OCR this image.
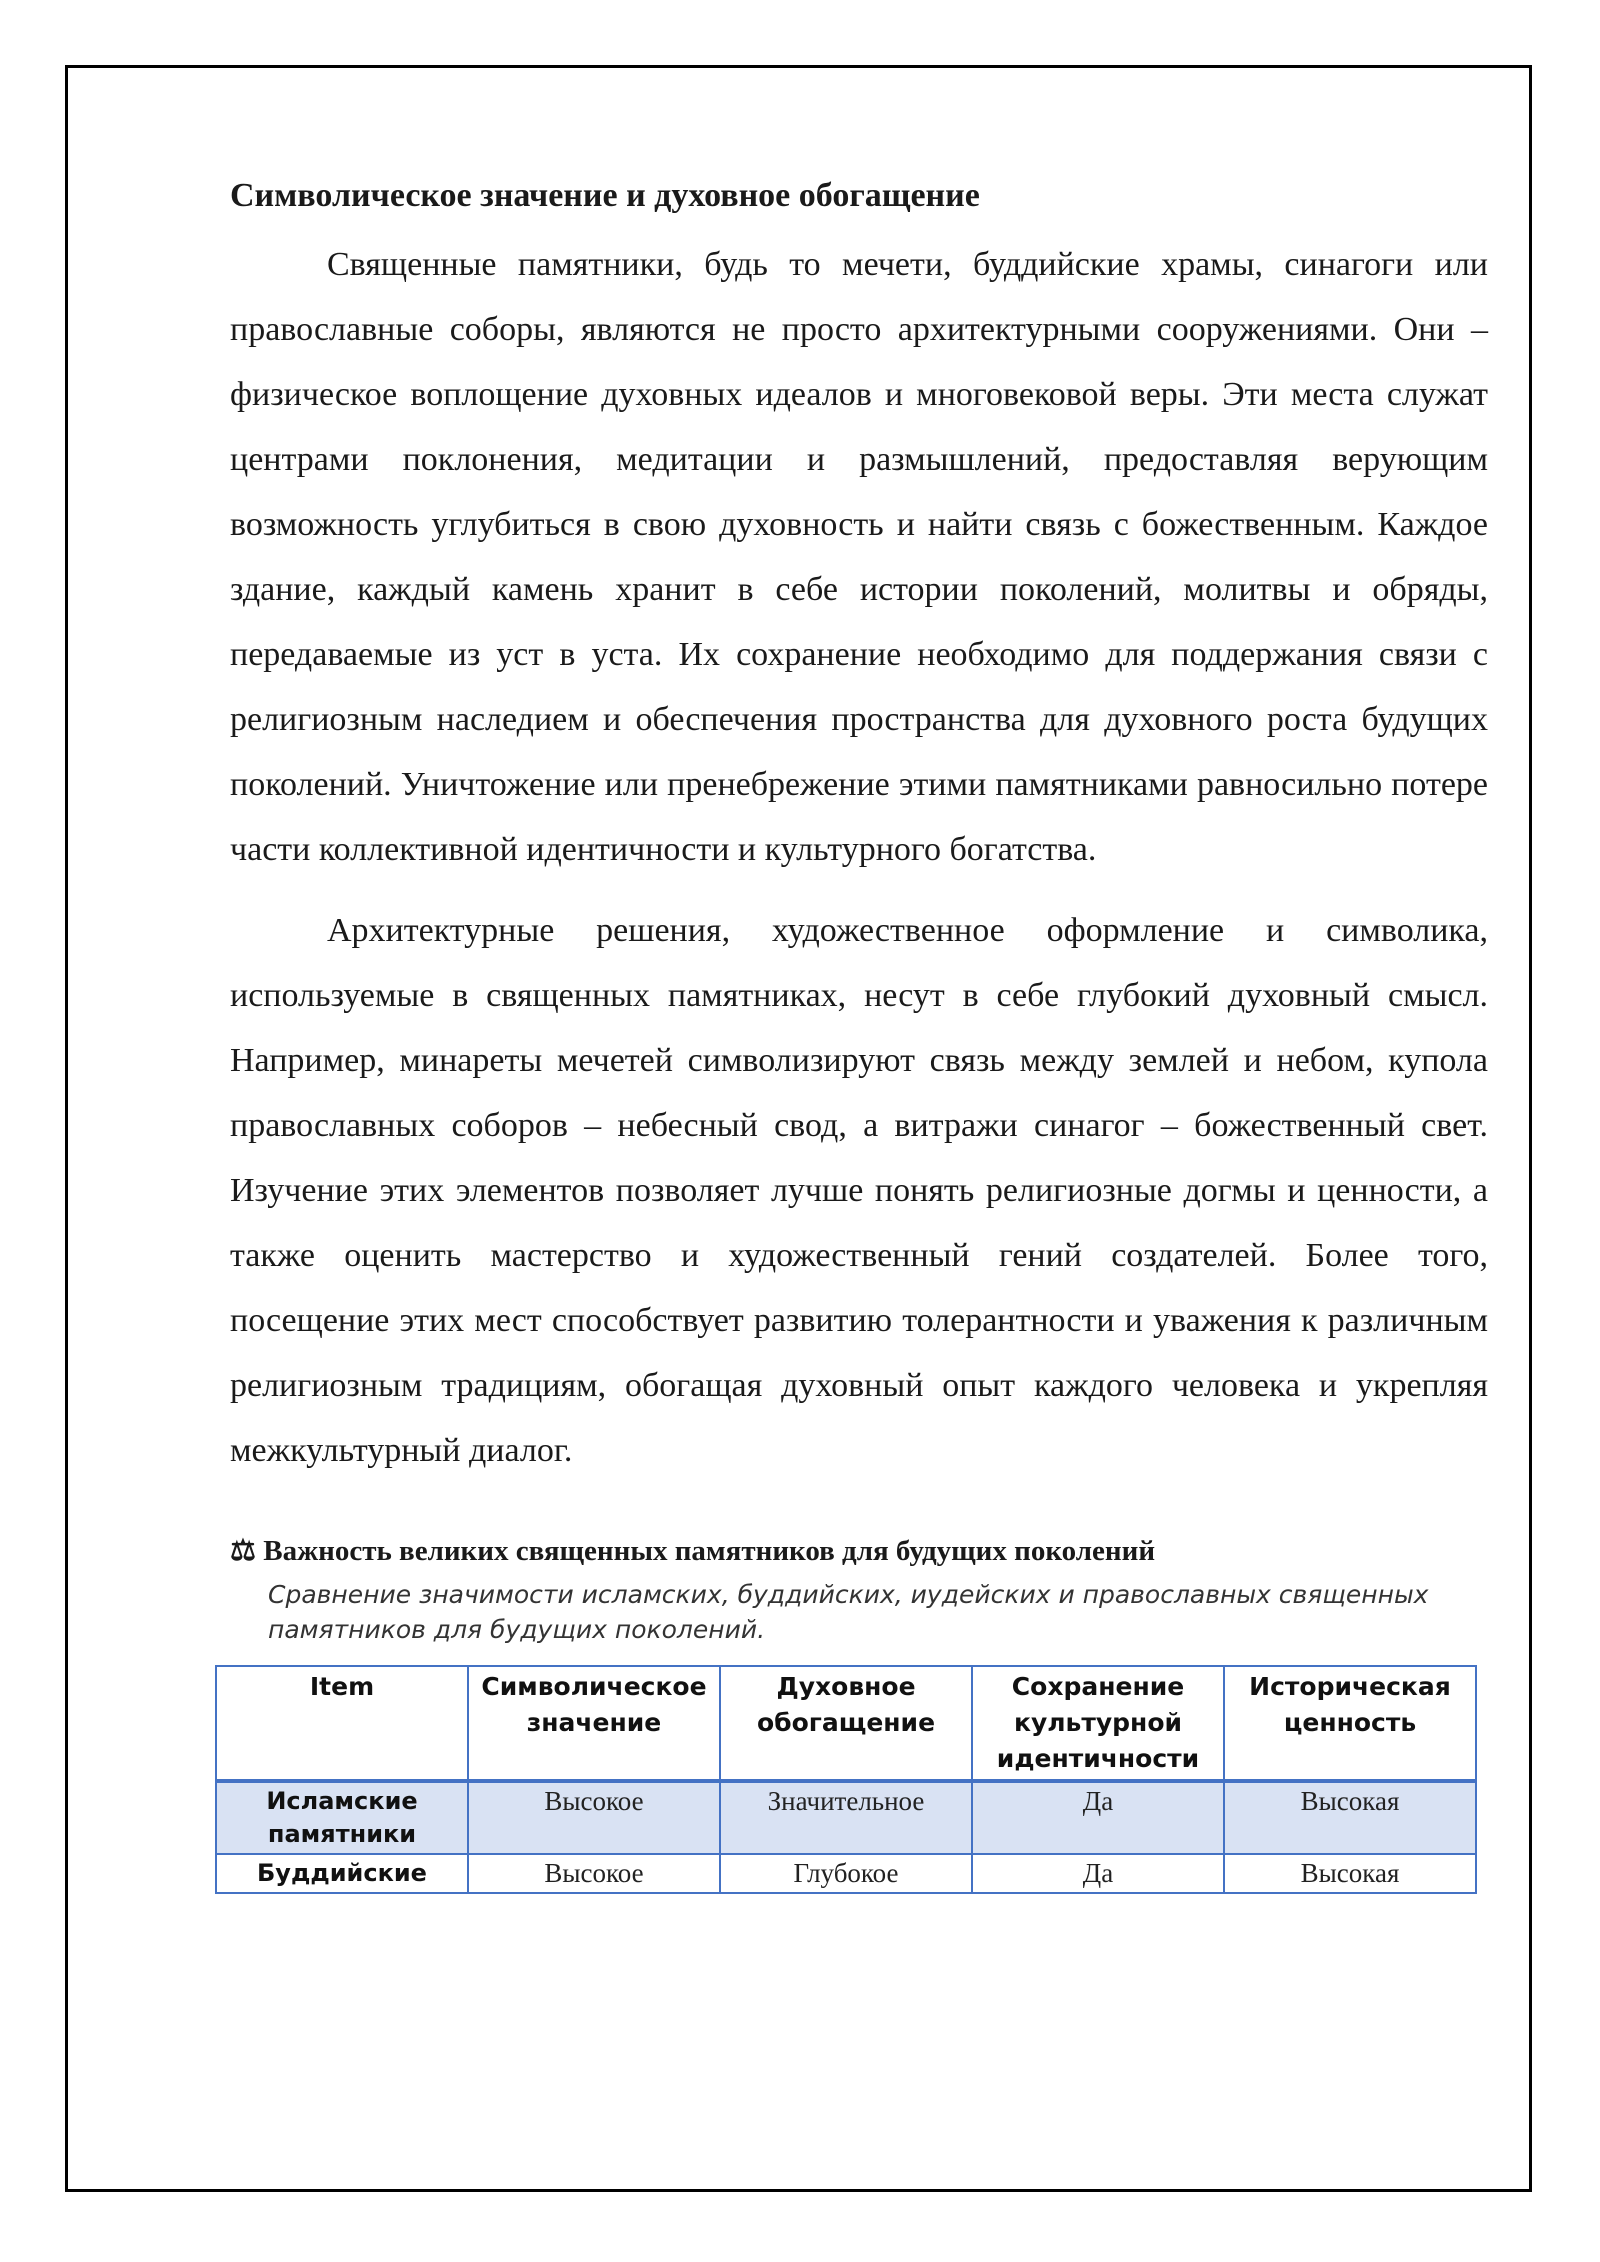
Символическое значение и духовное обогащение

Священные памятники, будь то мечети, буддийские храмы, синагоги или православные соборы, являются не просто архитектурными сооружениями. Они – физическое воплощение духовных идеалов и многовековой веры. Эти места служат центрами поклонения, медитации и размышлений, предоставляя верующим возможность углубиться в свою духовность и найти связь с божественным. Каждое здание, каждый камень хранит в себе истории поколений, молитвы и обряды, передаваемые из уст в уста. Их сохранение необходимо для поддержания связи с религиозным наследием и обеспечения пространства для духовного роста будущих поколений. Уничтожение или пренебрежение этими памятниками равносильно потере части коллективной идентичности и культурного богатства.

Архитектурные решения, художественное оформление и символика, используемые в священных памятниках, несут в себе глубокий духовный смысл. Например, минареты мечетей символизируют связь между землей и небом, купола православных соборов – небесный свод, а витражи синагог – божественный свет. Изучение этих элементов позволяет лучше понять религиозные догмы и ценности, а также оценить мастерство и художественный гений создателей. Более того, посещение этих мест способствует развитию толерантности и уважения к различным религиозным традициям, обогащая духовный опыт каждого человека и укрепляя межкультурный диалог.

⚖ Важность великих священных памятников для будущих поколений
Сравнение значимости исламских, буддийских, иудейских и православных священных памятников для будущих поколений.
Item	Символическое значение	Духовное обогащение	Сохранение культурной идентичности	Историческая ценность
Исламские памятники	Высокое	Значительное	Да	Высокая
Буддийские	Высокое	Глубокое	Да	Высокая
